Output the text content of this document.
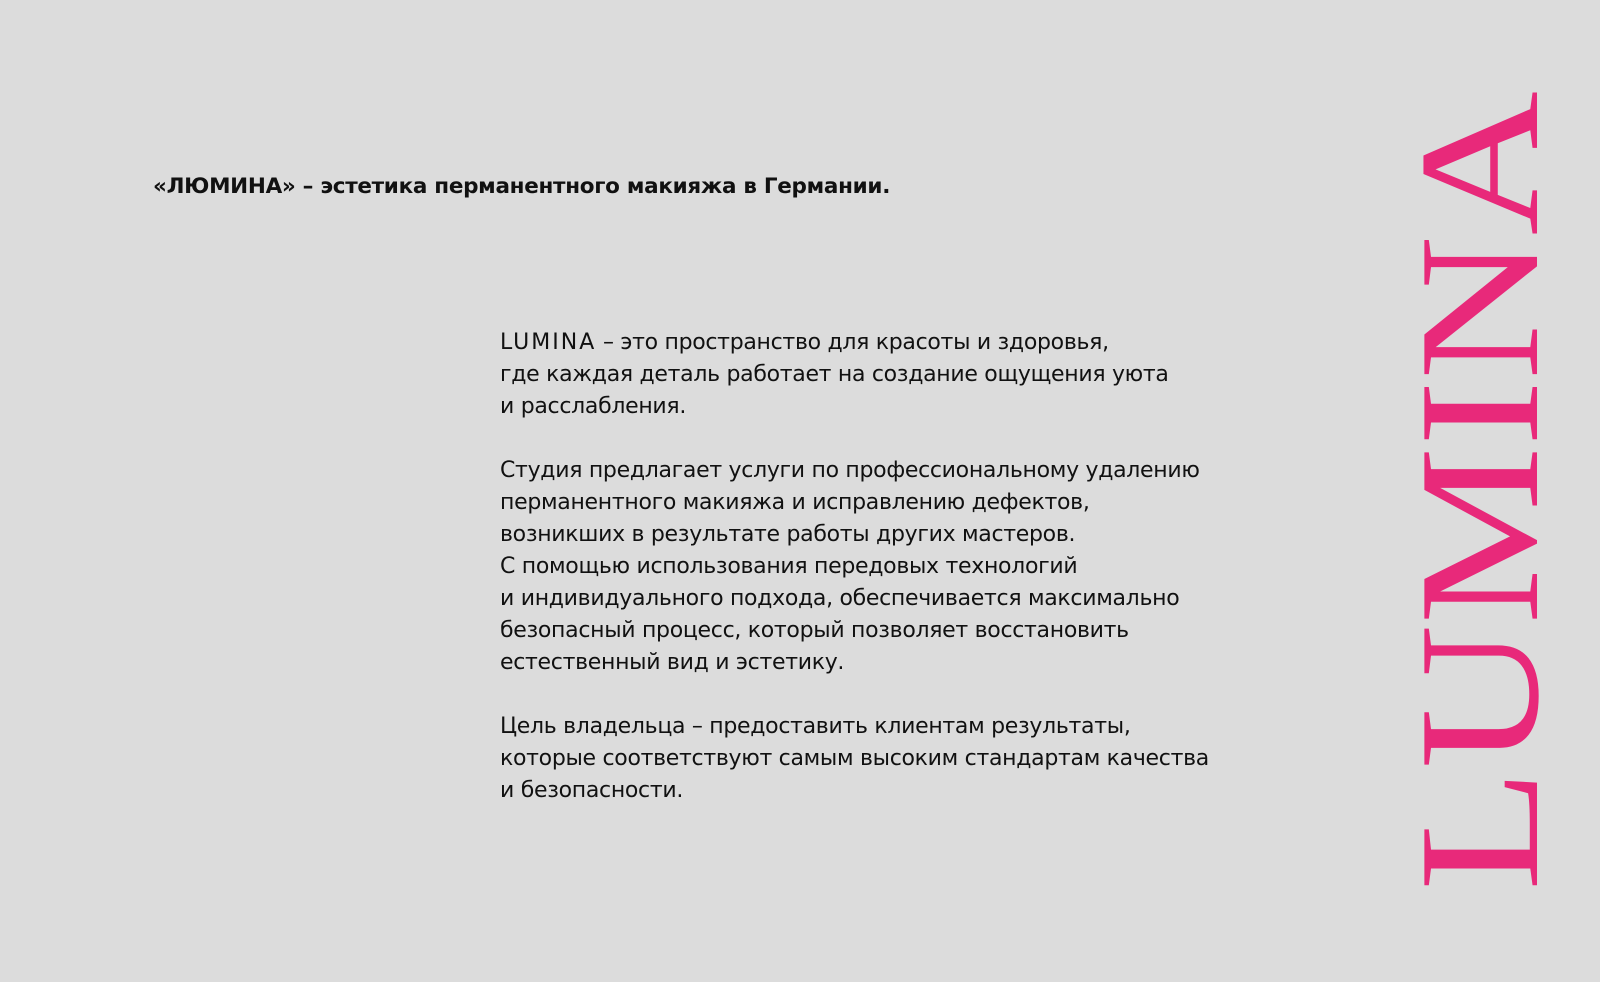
«ЛЮМИНА» – эстетика перманентного макияжа в Германии.

LUMINA – это пространство для красоты и здоровья,
где каждая деталь работает на создание ощущения уюта
и расслабления.

Студия предлагает услуги по профессиональному удалению
перманентного макияжа и исправлению дефектов,
возникших в результате работы других мастеров.
С помощью использования передовых технологий
и индивидуального подхода, обеспечивается максимально
безопасный процесс, который позволяет восстановить
естественный вид и эстетику.

Цель владельца – предоставить клиентам результаты,
которые соответствуют самым высоким стандартам качества
и безопасности.	LUMINA
